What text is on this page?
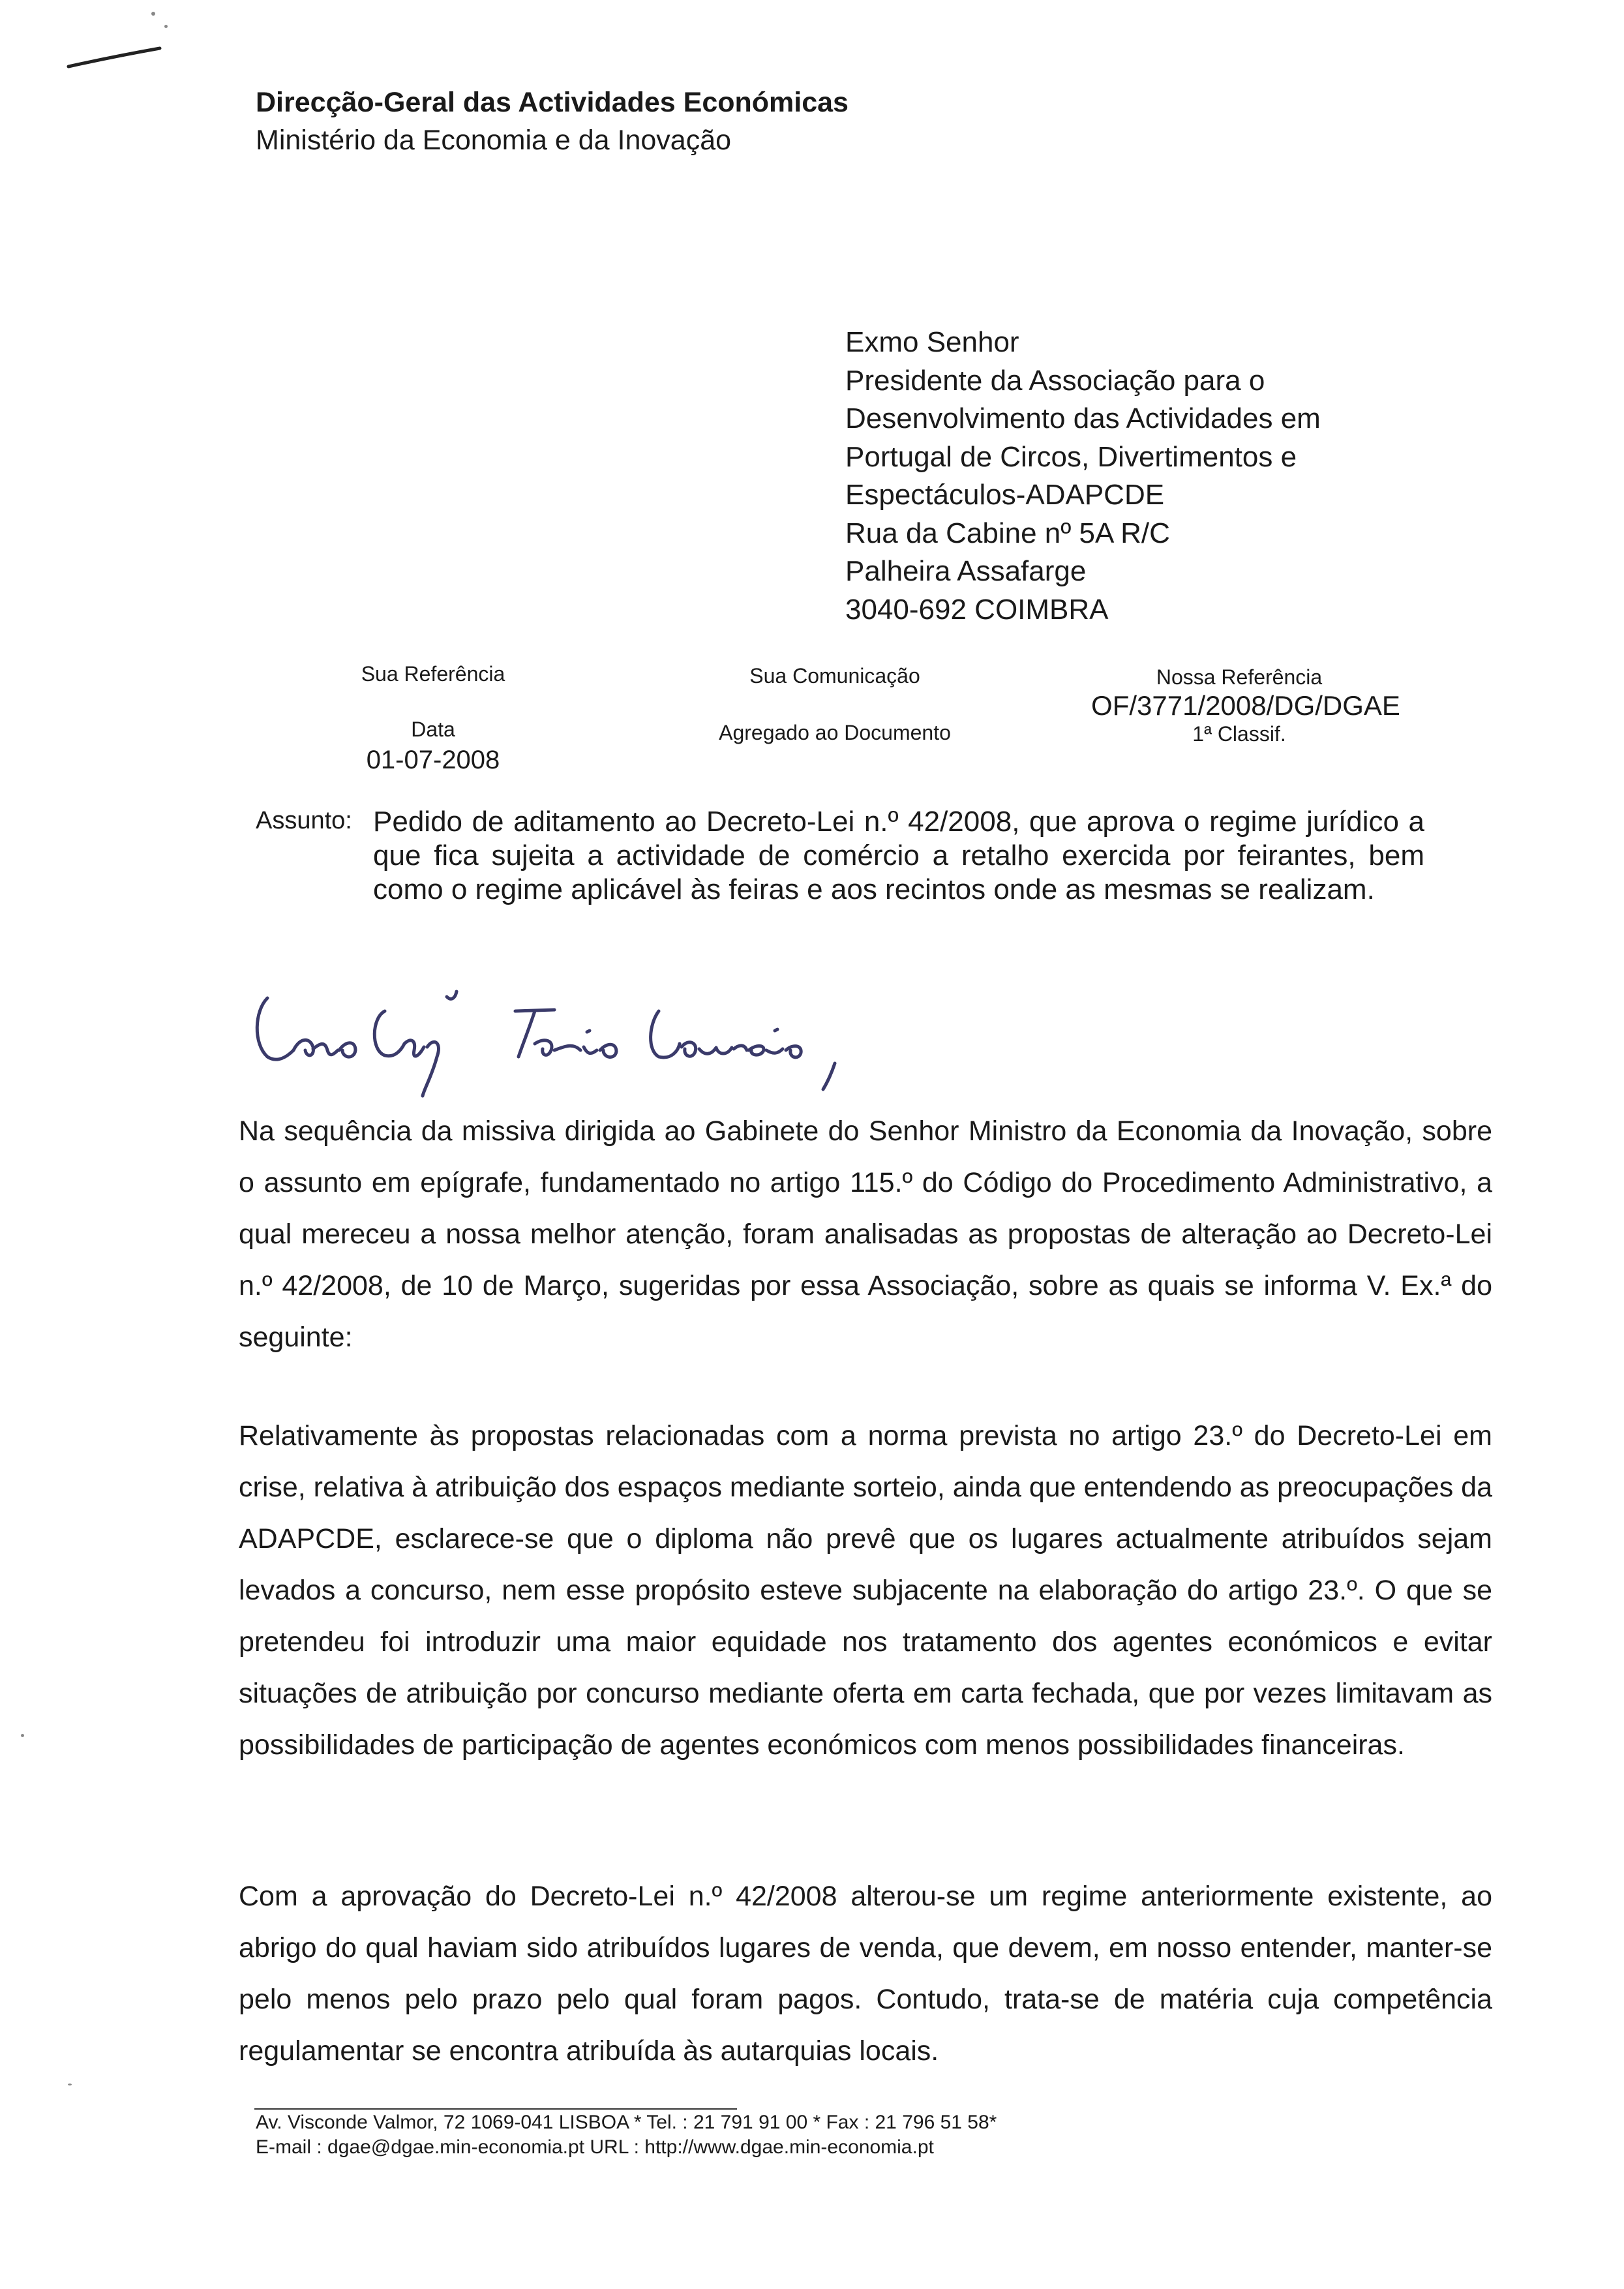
Direcção-Geral das Actividades Económicas
Ministério da Economia e da Inovação
Exmo Senhor
Presidente da Associação para o
Desenvolvimento das Actividades em
Portugal de Circos, Divertimentos e
Espectáculos-ADAPCDE
Rua da Cabine nº 5A R/C
Palheira Assafarge
3040-692 COIMBRA
Sua Referência	Sua Comunicação	Nossa Referência
OF/3771/2008/DG/DGAE
Data	Agregado ao Documento	1ª Classif.
01-07-2008
Assunto: Pedido de aditamento ao Decreto-Lei n.º 42/2008, que aprova o regime jurídico a que fica sujeita a actividade de comércio a retalho exercida por feirantes, bem como o regime aplicável às feiras e aos recintos onde as mesmas se realizam.
Na sequência da missiva dirigida ao Gabinete do Senhor Ministro da Economia da Inovação, sobre o assunto em epígrafe, fundamentado no artigo 115.º do Código do Procedimento Administrativo, a qual mereceu a nossa melhor atenção, foram analisadas as propostas de alteração ao Decreto-Lei n.º 42/2008, de 10 de Março, sugeridas por essa Associação, sobre as quais se informa V. Ex.ª do seguinte:
Relativamente às propostas relacionadas com a norma prevista no artigo 23.º do Decreto-Lei em crise, relativa à atribuição dos espaços mediante sorteio, ainda que entendendo as preocupações da ADAPCDE, esclarece-se que o diploma não prevê que os lugares actualmente atribuídos sejam levados a concurso, nem esse propósito esteve subjacente na elaboração do artigo 23.º. O que se pretendeu foi introduzir uma maior equidade nos tratamento dos agentes económicos e evitar situações de atribuição por concurso mediante oferta em carta fechada, que por vezes limitavam as possibilidades de participação de agentes económicos com menos possibilidades financeiras.
Com a aprovação do Decreto-Lei n.º 42/2008 alterou-se um regime anteriormente existente, ao abrigo do qual haviam sido atribuídos lugares de venda, que devem, em nosso entender, manter-se pelo menos pelo prazo pelo qual foram pagos. Contudo, trata-se de matéria cuja competência regulamentar se encontra atribuída às autarquias locais.
Av. Visconde Valmor, 72 1069-041 LISBOA * Tel. : 21 791 91 00 * Fax : 21 796 51 58*
E-mail : dgae@dgae.min-economia.pt URL : http://www.dgae.min-economia.pt
